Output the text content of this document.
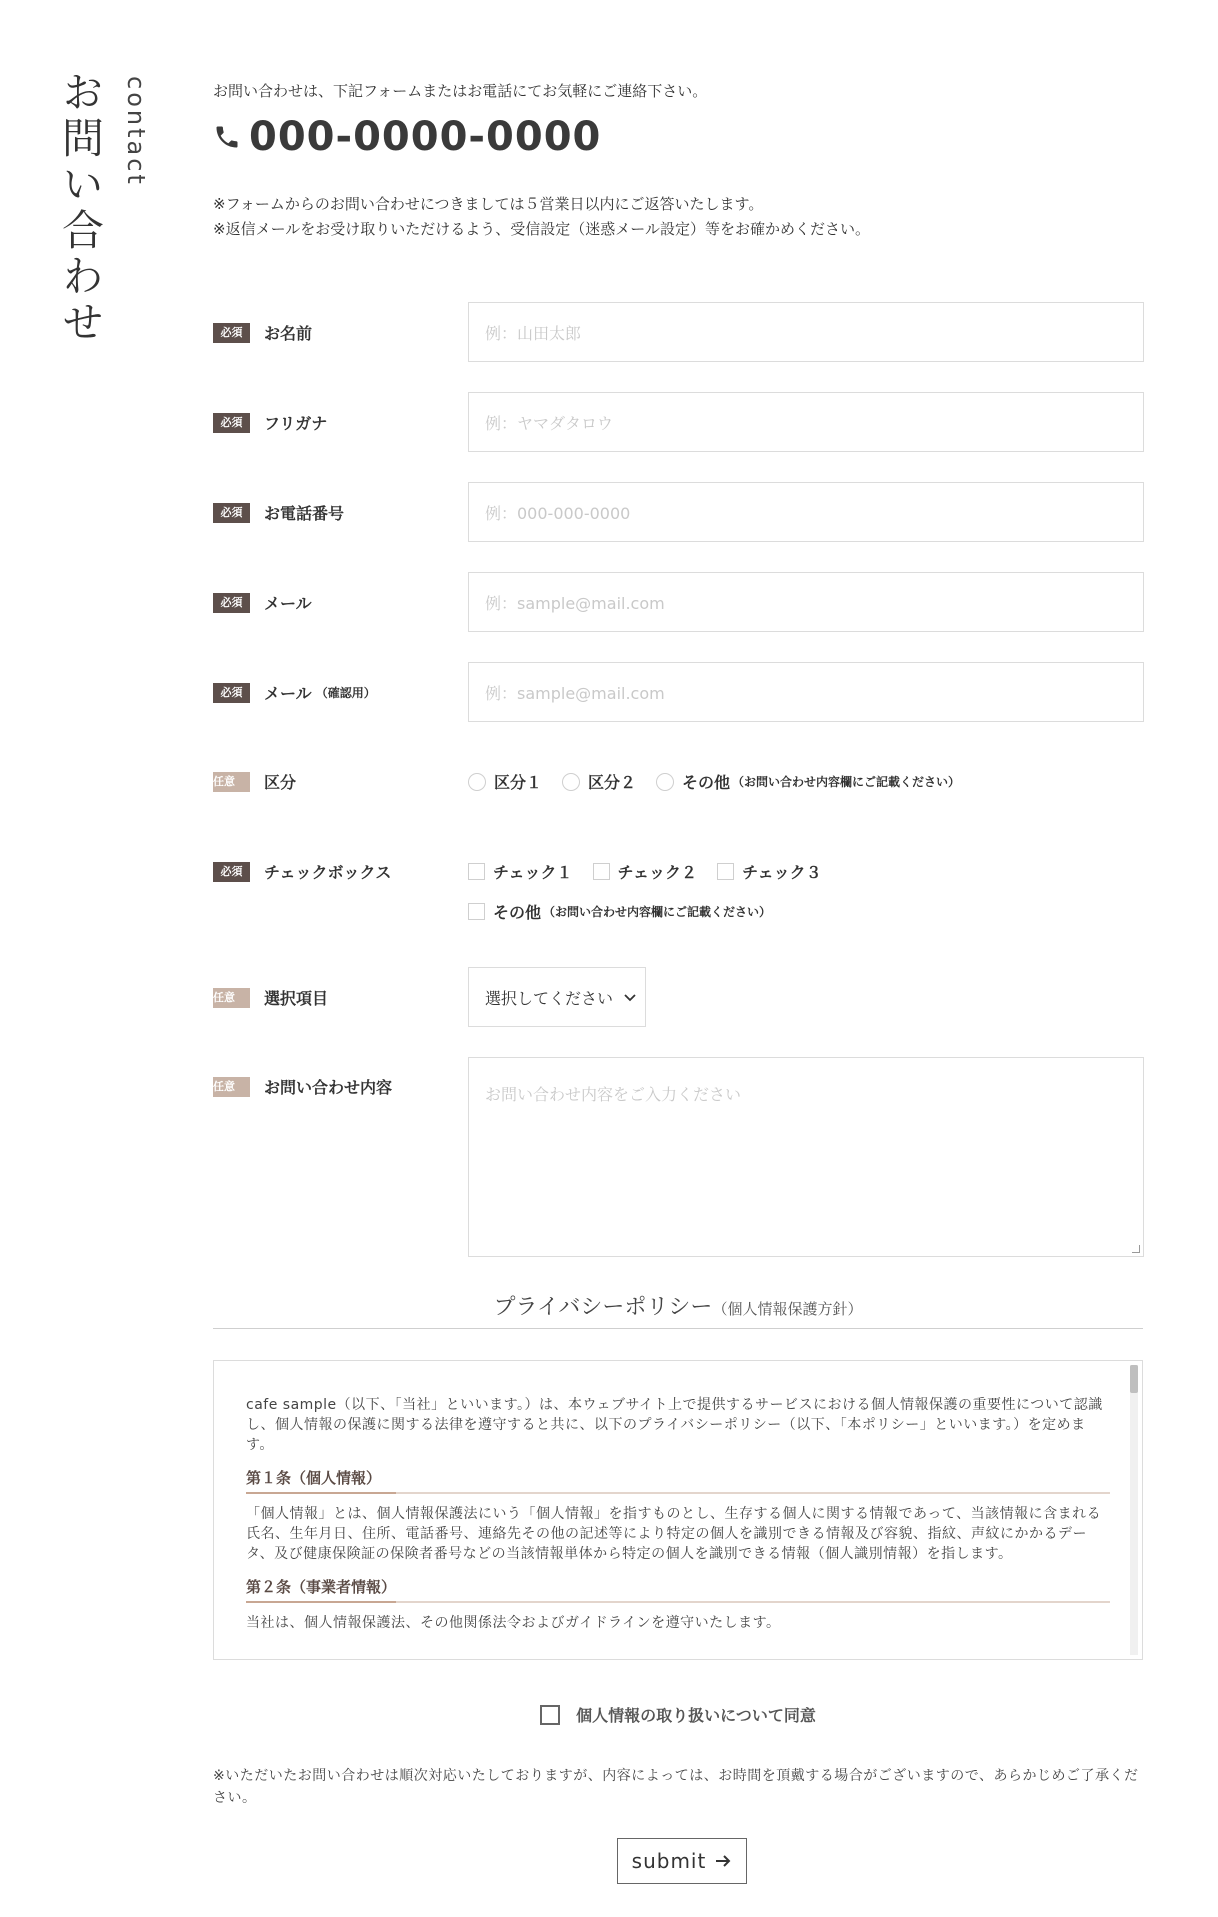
お問い合わせ contact	お問い合わせは、下記フォームまたはお電話にてお気軽にご連絡下さい。

000-0000-0000
※フォームからのお問い合わせにつきましては５営業日以内にご返答いたします。
※返信メールをお受け取りいただけるよう、受信設定（迷惑メール設定）等をお確かめください。
必須	お名前	例：山田太郎
必須	フリガナ	例：ヤマダタロウ
必須	お電話番号	例：000-000-0000
必須	メール	例：sample@mail.com
必須	メール （確認用）	例：sample@mail.com
任意	区分	区分１	区分２	その他 （お問い合わせ内容欄にご記載ください）
必須	チェックボックス	チェック１	チェック２	チェック３
その他 （お問い合わせ内容欄にご記載ください）
任意	選択項目	選択してください
任意	お問い合わせ内容	お問い合わせ内容をご入力ください
プライバシーポリシー（個人情報保護方針）

cafe sample（以下、「当社」といいます。）は、本ウェブサイト上で提供するサービスにおける個人情報保護の重要性について認識し、個人情報の保護に関する法律を遵守すると共に、以下のプライバシーポリシー（以下、「本ポリシー」といいます。）を定めます。

第１条（個人情報）

「個人情報」とは、個人情報保護法にいう「個人情報」を指すものとし、生存する個人に関する情報であって、当該情報に含まれる氏名、生年月日、住所、電話番号、連絡先その他の記述等により特定の個人を識別できる情報及び容貌、指紋、声紋にかかるデータ、及び健康保険証の保険者番号などの当該情報単体から特定の個人を識別できる情報（個人識別情報）を指します。

第２条（事業者情報）

当社は、個人情報保護法、その他関係法令およびガイドラインを遵守いたします。

個人情報の取り扱いについて同意

※いただいたお問い合わせは順次対応いたしておりますが、内容によっては、お時間を頂戴する場合がございますので、あらかじめご了承ください。

submit
